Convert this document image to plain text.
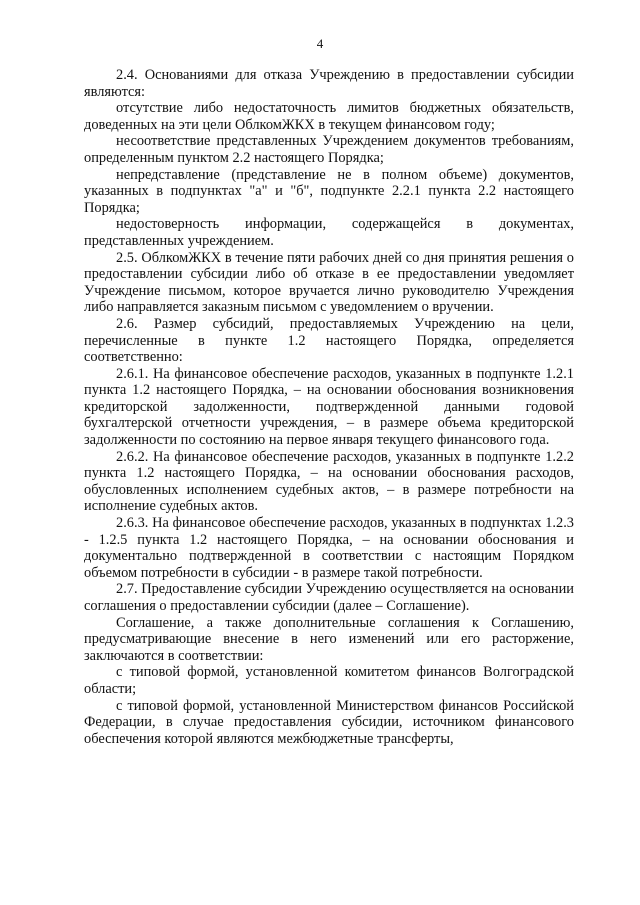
4

2.4. Основаниями для отказа Учреждению в предоставлении субсидии являются:

отсутствие либо недостаточность лимитов бюджетных обязательств, доведенных на эти цели ОблкомЖКХ в текущем финансовом году;

несоответствие представленных Учреждением документов требованиям, определенным пунктом 2.2 настоящего Порядка;

непредставление (представление не в полном объеме) документов, указанных в подпунктах "а" и "б", подпункте 2.2.1 пункта 2.2 настоящего Порядка;

недостоверность информации, содержащейся в документах, представленных учреждением.

2.5. ОблкомЖКХ в течение пяти рабочих дней со дня принятия решения о предоставлении субсидии либо об отказе в ее предоставлении уведомляет Учреждение письмом, которое вручается лично руководителю Учреждения либо направляется заказным письмом с уведомлением о вручении.

2.6. Размер субсидий, предоставляемых Учреждению на цели, перечисленные в пункте 1.2 настоящего Порядка, определяется соответственно:

2.6.1. На финансовое обеспечение расходов, указанных в подпункте 1.2.1 пункта 1.2 настоящего Порядка, – на основании обоснования возникновения кредиторской задолженности, подтвержденной данными годовой бухгалтерской отчетности учреждения, – в размере объема кредиторской задолженности по состоянию на первое января текущего финансового года.

2.6.2. На финансовое обеспечение расходов, указанных в подпункте 1.2.2 пункта 1.2 настоящего Порядка, – на основании обоснования расходов, обусловленных исполнением судебных актов, – в размере потребности на исполнение судебных актов.

2.6.3. На финансовое обеспечение расходов, указанных в подпунктах 1.2.3 - 1.2.5 пункта 1.2 настоящего Порядка, – на основании обоснования и документально подтвержденной в соответствии с настоящим Порядком объемом потребности в субсидии - в размере такой потребности.

2.7. Предоставление субсидии Учреждению осуществляется на основании соглашения о предоставлении субсидии (далее – Соглашение).

Соглашение, а также дополнительные соглашения к Соглашению, предусматривающие внесение в него изменений или его расторжение, заключаются в соответствии:

с типовой формой, установленной комитетом финансов Волгоградской области;

с типовой формой, установленной Министерством финансов Российской Федерации, в случае предоставления субсидии, источником финансового обеспечения которой являются межбюджетные трансферты,
